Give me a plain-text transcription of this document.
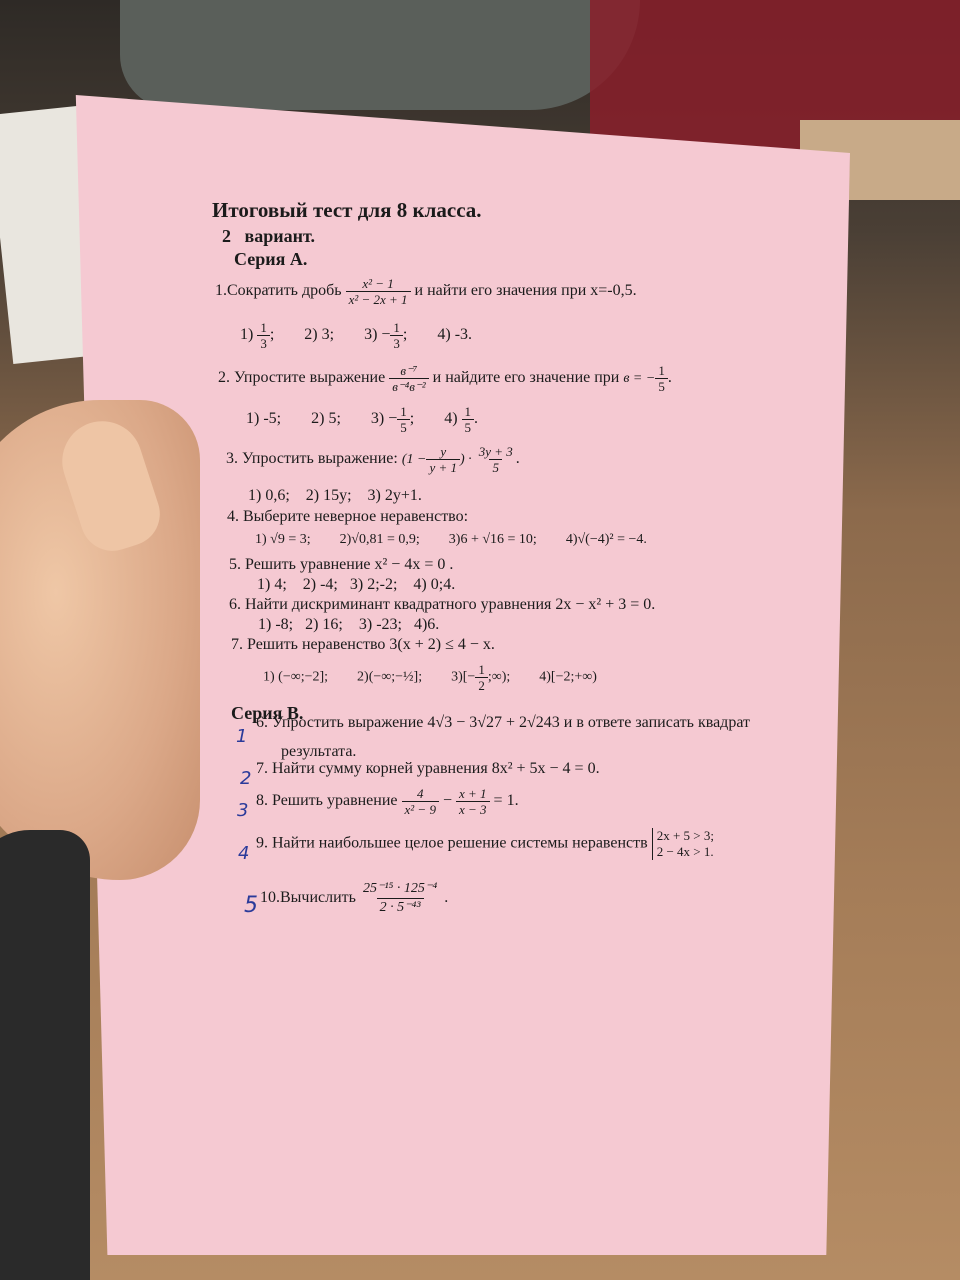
Итоговый тест для 8 класса.
2   вариант.
Серия А.
1.Сократить дробь $\frac{\text{x² − 1}}{\text{x² − 2x + 1}}$ и найти его значения при х=-0,5.
$1) \frac{1}{3}$ ; 2) 3; $3) - \frac{1}{3}$ ; 4) -3.
2. Упростите выражение $\frac{\text{в⁻⁷}}{\text{в⁻⁴в⁻²}}$ и найдите его значение при в = − $\frac{1}{5}$ .
1) -5; 2) 5; $3) - \frac{1}{5}$ ; $4) \frac{1}{5}$ .
3. Упростить выражение: ($1 - \frac{y}{y + 1}$ ) · $\frac{3y + 3}{5}$ .
1) 0,6;    2) 15y;    3) 2y+1.
4. Выберите неверное неравенство:
1) √9 = 3; 2)√0,81 = 0,9; 3)6 + √16 = 10; 4)√(−4)² = −4.
5. Решить уравнение x² − 4x = 0 .
1) 4;    2) -4;   3) 2;-2;    4) 0;4.
6. Найти дискриминант квадратного уравнения 2x − x² + 3 = 0.
1) -8;   2) 16;    3) -23;   4)6.
7. Решить неравенство 3(x + 2) ≤ 4 − x.
1) (−∞;−2]; 2)(−∞;−½]; $3)[- \frac{1}{2}$ ;∞); 4)[−2;+∞)
Серия В.
1
6. Упростить выражение 4√3 − 3√27 + 2√243 и в ответе записать квадрат
результата.
2 7. Найти сумму корней уравнения 8x² + 5x − 4 = 0.
3 8. Решить уравнение $\frac{4}{\text{x² − 9}} - \frac{x + 1}{x - 3} = 1$.
4 9. Найти наибольшее целое решение системы неравенств 2x + 5 > 3;
2 − 4x > 1.
5 10.Вычислить $\frac{\text{25⁻¹⁵ · 125⁻⁴}}{\text{2 · 5⁻⁴³}}$ .
